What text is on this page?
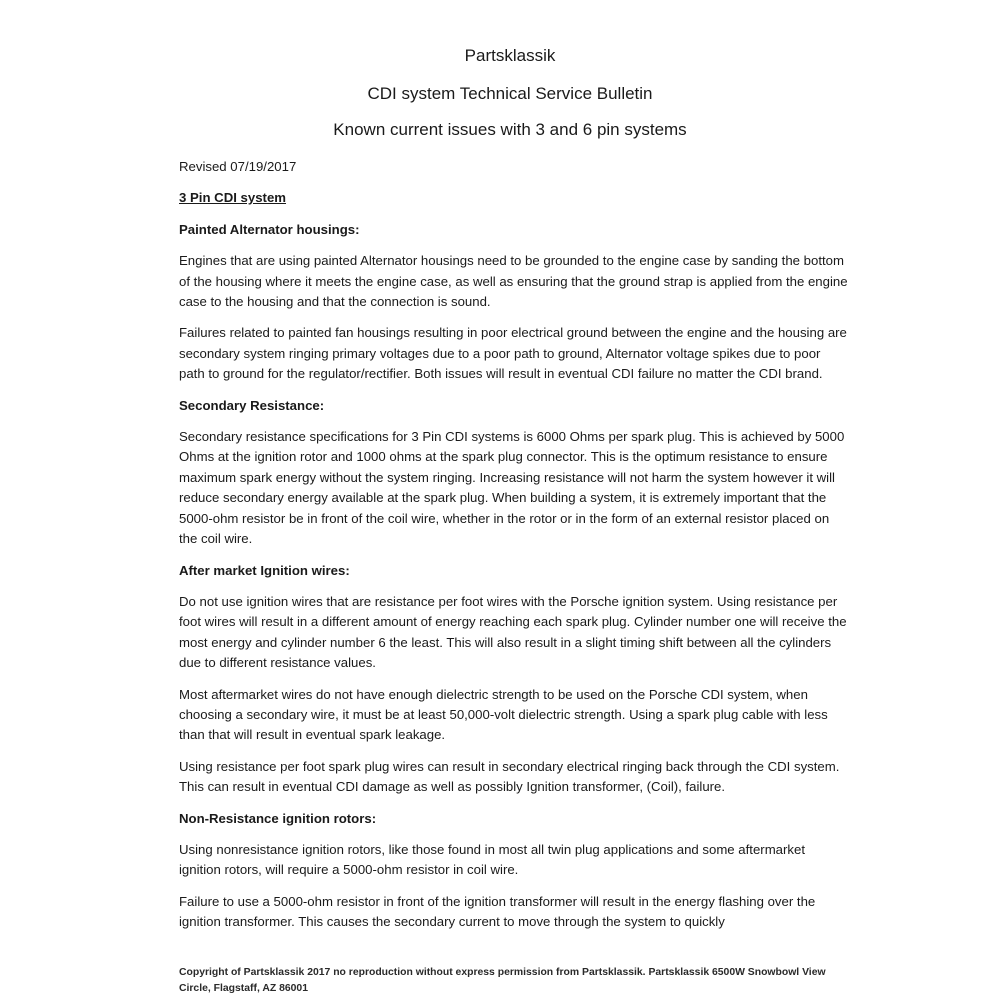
Partsklassik
CDI system Technical Service Bulletin
Known current issues with 3 and 6 pin systems

Revised 07/19/2017

3 Pin CDI system

Painted Alternator housings:

Engines that are using painted Alternator housings need to be grounded to the engine case by sanding the bottom of the housing where it meets the engine case, as well as ensuring that the ground strap is applied from the engine case to the housing and that the connection is sound.

Failures related to painted fan housings resulting in poor electrical ground between the engine and the housing are secondary system ringing primary voltages due to a poor path to ground, Alternator voltage spikes due to poor path to ground for the regulator/rectifier. Both issues will result in eventual CDI failure no matter the CDI brand.

Secondary Resistance:

Secondary resistance specifications for 3 Pin CDI systems is 6000 Ohms per spark plug. This is achieved by 5000 Ohms at the ignition rotor and 1000 ohms at the spark plug connector. This is the optimum resistance to ensure maximum spark energy without the system ringing. Increasing resistance will not harm the system however it will reduce secondary energy available at the spark plug. When building a system, it is extremely important that the 5000-ohm resistor be in front of the coil wire, whether in the rotor or in the form of an external resistor placed on the coil wire.

After market Ignition wires:

Do not use ignition wires that are resistance per foot wires with the Porsche ignition system. Using resistance per foot wires will result in a different amount of energy reaching each spark plug. Cylinder number one will receive the most energy and cylinder number 6 the least. This will also result in a slight timing shift between all the cylinders due to different resistance values.

Most aftermarket wires do not have enough dielectric strength to be used on the Porsche CDI system, when choosing a secondary wire, it must be at least 50,000-volt dielectric strength. Using a spark plug cable with less than that will result in eventual spark leakage.

Using resistance per foot spark plug wires can result in secondary electrical ringing back through the CDI system. This can result in eventual CDI damage as well as possibly Ignition transformer, (Coil), failure.

Non-Resistance ignition rotors:

Using nonresistance ignition rotors, like those found in most all twin plug applications and some aftermarket ignition rotors, will require a 5000-ohm resistor in coil wire.

Failure to use a 5000-ohm resistor in front of the ignition transformer will result in the energy flashing over the ignition transformer. This causes the secondary current to move through the system to quickly

Copyright of Partsklassik 2017 no reproduction without express permission from Partsklassik. Partsklassik 6500W Snowbowl View Circle, Flagstaff, AZ 86001
